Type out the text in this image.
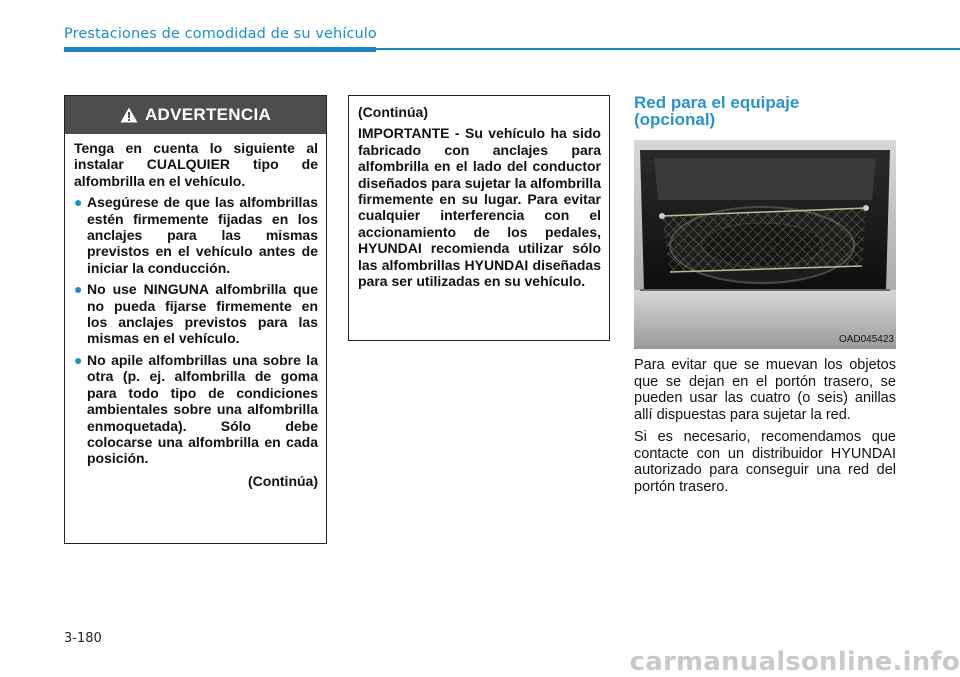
Prestaciones de comodidad de su vehículo
ADVERTENCIA

Tenga en cuenta lo siguiente al instalar CUALQUIER tipo de alfombrilla en el vehículo.

● Asegúrese de que las alfombrillas estén firmemente fijadas en los anclajes para las mismas previstos en el vehículo antes de iniciar la conducción.
● No use NINGUNA alfombrilla que no pueda fijarse firmemente en los anclajes previstos para las mismas en el vehículo.
● No apile alfombrillas una sobre la otra (p. ej. alfombrilla de goma para todo tipo de condiciones ambientales sobre una alfombrilla enmoquetada). Sólo debe colocarse una alfombrilla en cada posición.
(Continúa)

(Continúa)

IMPORTANTE - Su vehículo ha sido fabricado con anclajes para alfombrilla en el lado del conductor diseñados para sujetar la alfombrilla firmemente en su lugar. Para evitar cualquier interferencia con el accionamiento de los pedales, HYUNDAI recomienda utilizar sólo las alfombrillas HYUNDAI diseñadas para ser utilizadas en su vehículo.

Red para el equipaje
(opcional)
OAD045423

Para evitar que se muevan los objetos que se dejan en el portón trasero, se pueden usar las cuatro (o seis) anillas allí dispuestas para sujetar la red.

Si es necesario, recomendamos que contacte con un distribuidor HYUNDAI autorizado para conseguir una red del portón trasero.

3-180
carmanualsonline.info
